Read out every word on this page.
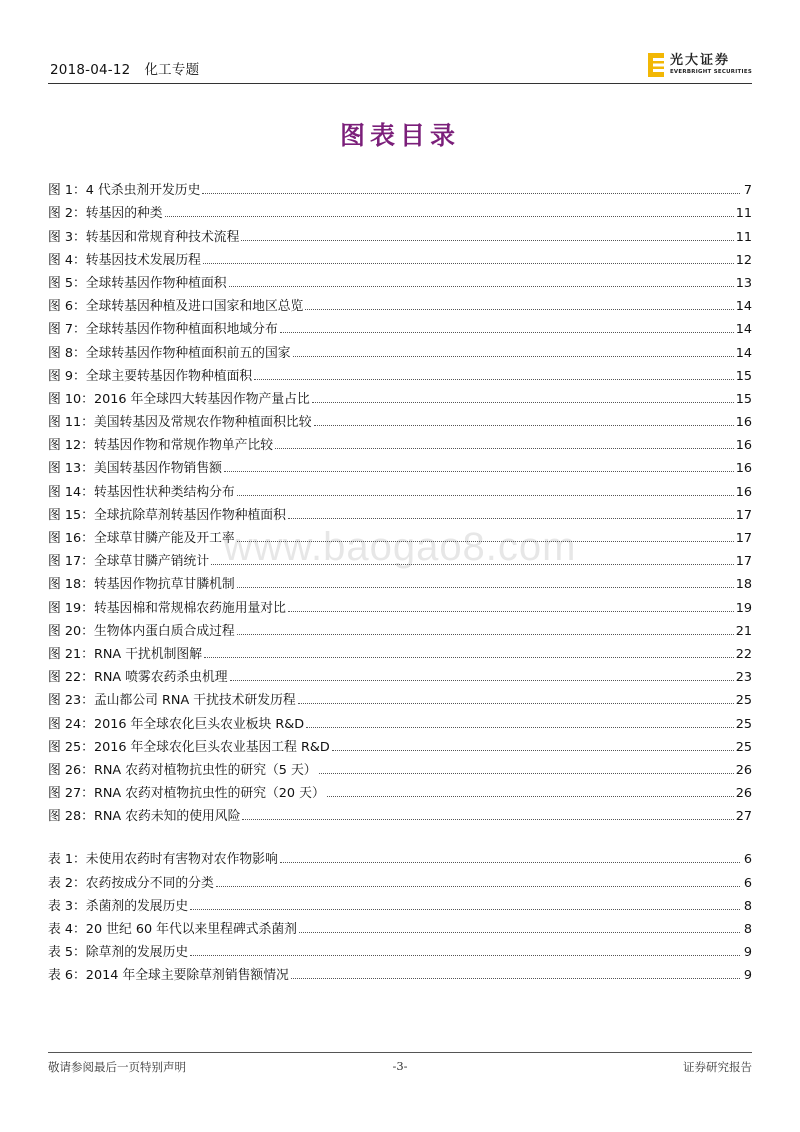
2018-04-12 化工专题
光大证券
EVERBRIGHT SECURITIES
图表目录
www.baogao8.com
图 1：4 代杀虫剂开发历史	7
图 2：转基因的种类	11
图 3：转基因和常规育种技术流程	11
图 4：转基因技术发展历程	12
图 5：全球转基因作物种植面积	13
图 6：全球转基因种植及进口国家和地区总览	14
图 7：全球转基因作物种植面积地域分布	14
图 8：全球转基因作物种植面积前五的国家	14
图 9：全球主要转基因作物种植面积	15
图 10：2016 年全球四大转基因作物产量占比	15
图 11：美国转基因及常规农作物种植面积比较	16
图 12：转基因作物和常规作物单产比较	16
图 13：美国转基因作物销售额	16
图 14：转基因性状种类结构分布	16
图 15：全球抗除草剂转基因作物种植面积	17
图 16：全球草甘膦产能及开工率	17
图 17：全球草甘膦产销统计	17
图 18：转基因作物抗草甘膦机制	18
图 19：转基因棉和常规棉农药施用量对比	19
图 20：生物体内蛋白质合成过程	21
图 21：RNA 干扰机制图解	22
图 22：RNA 喷雾农药杀虫机理	23
图 23：孟山都公司 RNA 干扰技术研发历程	25
图 24：2016 年全球农化巨头农业板块 R&D	25
图 25：2016 年全球农化巨头农业基因工程 R&D	25
图 26：RNA 农药对植物抗虫性的研究（5 天）	26
图 27：RNA 农药对植物抗虫性的研究（20 天）	26
图 28：RNA 农药未知的使用风险	27
表 1：未使用农药时有害物对农作物影响	6
表 2：农药按成分不同的分类	6
表 3：杀菌剂的发展历史	8
表 4：20 世纪 60 年代以来里程碑式杀菌剂	8
表 5：除草剂的发展历史	9
表 6：2014 年全球主要除草剂销售额情况	9
敬请参阅最后一页特别声明	-3-	证券研究报告
